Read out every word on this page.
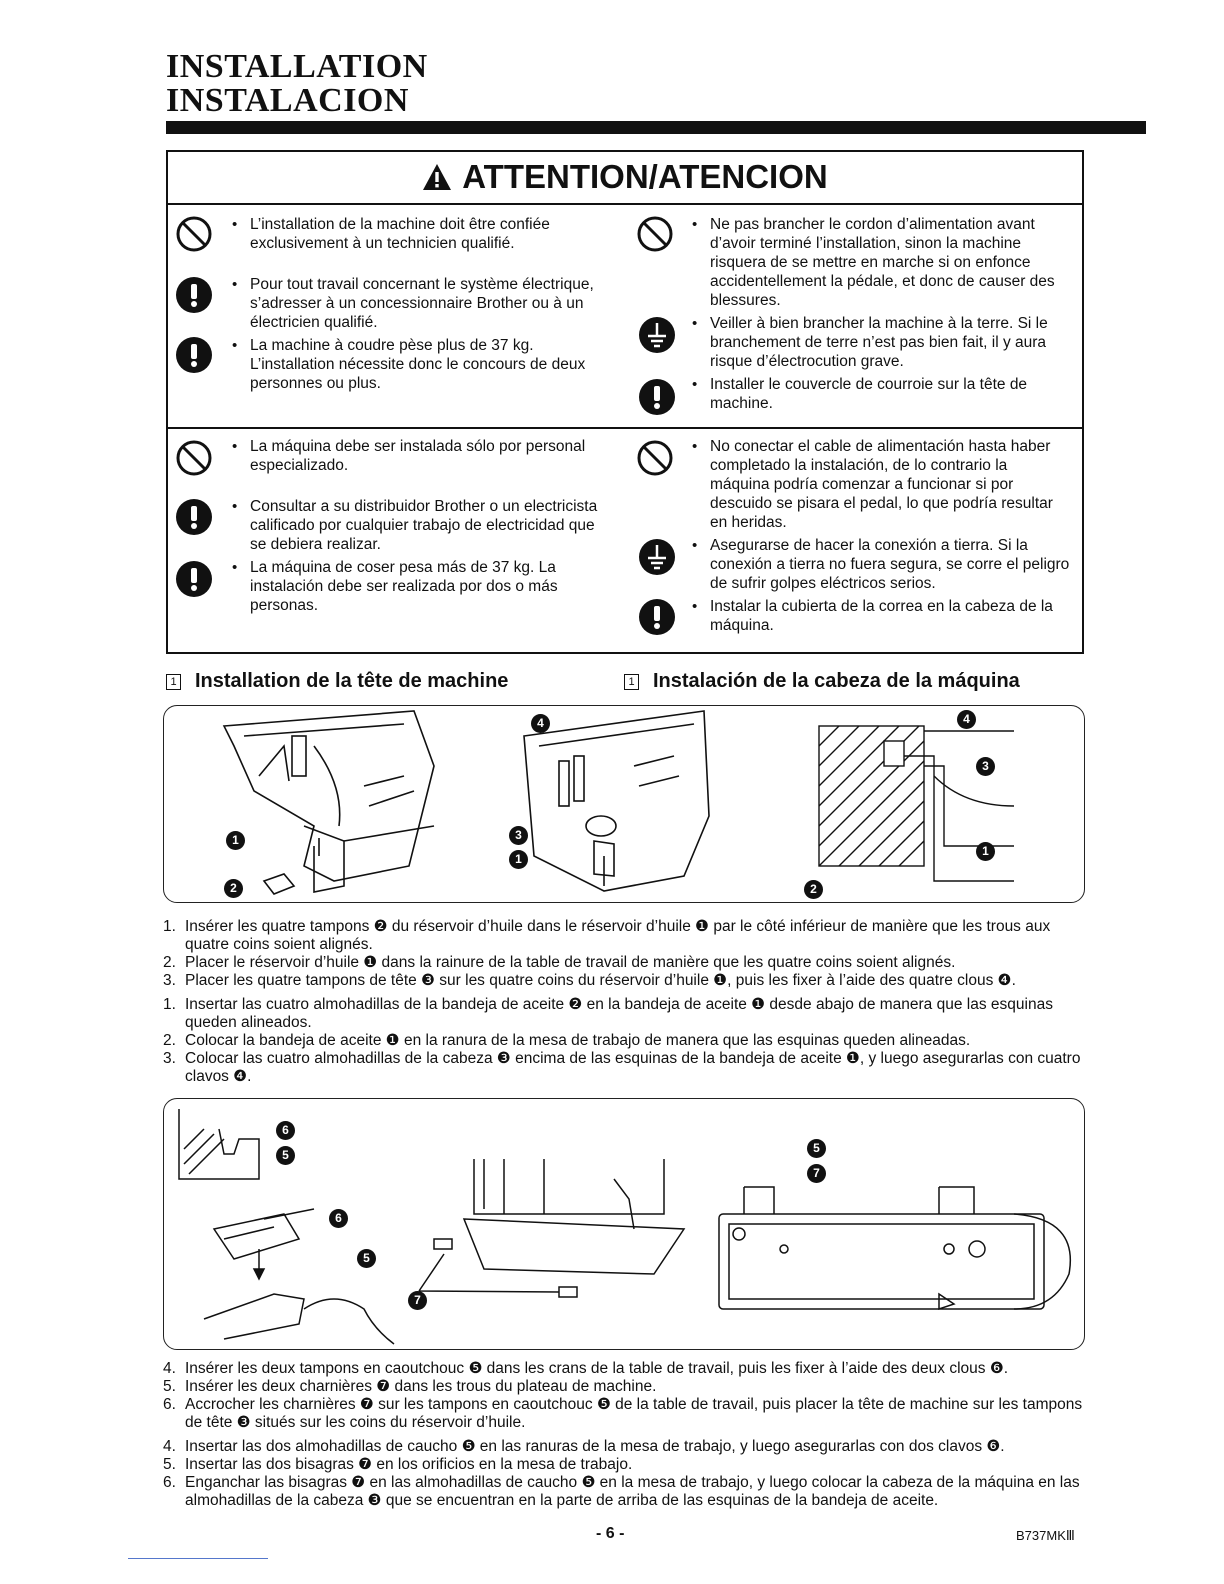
INSTALLATION
INSTALACION
ATTENTION/ATENCION
• L’installation de la machine doit être confiée exclusivement à un technicien qualifié.
• Pour tout travail concernant le système électrique, s’adresser à un concessionnaire Brother ou à un électricien qualifié.
• La machine à coudre pèse plus de 37 kg. L’installation nécessite donc le concours de deux personnes ou plus.
• Ne pas brancher le cordon d’alimentation avant d’avoir terminé l’installation, sinon la machine risquera de se mettre en marche si on enfonce accidentellement la pédale, et donc de causer des blessures.
• Veiller à bien brancher la machine à la terre. Si le branchement de terre n’est pas bien fait, il y aura risque d’électrocution grave.
• Installer le couvercle de courroie sur la tête de machine.
• La máquina debe ser instalada sólo por personal especializado.
• Consultar a su distribuidor Brother o un electricista calificado por cualquier trabajo de electricidad que se debiera realizar.
• La máquina de coser pesa más de 37 kg. La instalación debe ser realizada por dos o más personas.
• No conectar el cable de alimentación hasta haber completado la instalación, de lo contrario la máquina podría comenzar a funcionar si por descuido se pisara el pedal, lo que podría resultar en heridas.
• Asegurarse de hacer la conexión a tierra. Si la conexión a tierra no fuera segura, se corre el peligro de sufrir golpes eléctricos serios.
• Instalar la cubierta de la correa en la cabeza de la máquina.
1 Installation de la tête de machine	1 Instalación de la cabeza de la máquina
1
2
4
3
1
4
3
1
2
1. Insérer les quatre tampons ❷ du réservoir d’huile dans le réservoir d’huile ❶ par le côté inférieur de manière que les trous aux quatre coins soient alignés.
2. Placer le réservoir d’huile ❶ dans la rainure de la table de travail de manière que les quatre coins soient alignés.
3. Placer les quatre tampons de tête ❸ sur les quatre coins du réservoir d’huile ❶, puis les fixer à l’aide des quatre clous ❹.
1. Insertar las cuatro almohadillas de la bandeja de aceite ❷ en la bandeja de aceite ❶ desde abajo de manera que las esquinas queden alineados.
2. Colocar la bandeja de aceite ❶ en la ranura de la mesa de trabajo de manera que las esquinas queden alineadas.
3. Colocar las cuatro almohadillas de la cabeza ❸ encima de las esquinas de la bandeja de aceite ❶, y luego asegurarlas con cuatro clavos ❹.
6
5
6
5
7
5
7
4. Insérer les deux tampons en caoutchouc ❺ dans les crans de la table de travail, puis les fixer à l’aide des deux clous ❻.
5. Insérer les deux charnières ❼ dans les trous du plateau de machine.
6. Accrocher les charnières ❼ sur les tampons en caoutchouc ❺ de la table de travail, puis placer la tête de machine sur les tampons de tête ❸ situés sur les coins du réservoir d’huile.
4. Insertar las dos almohadillas de caucho ❺ en las ranuras de la mesa de trabajo, y luego asegurarlas con dos clavos ❻.
5. Insertar las dos bisagras ❼ en los orificios en la mesa de trabajo.
6. Enganchar las bisagras ❼ en las almohadillas de caucho ❺ en la mesa de trabajo, y luego colocar la cabeza de la máquina en las almohadillas de la cabeza ❸ que se encuentran en la parte de arriba de las esquinas de la bandeja de aceite.
- 6 -	B737MKⅢ
